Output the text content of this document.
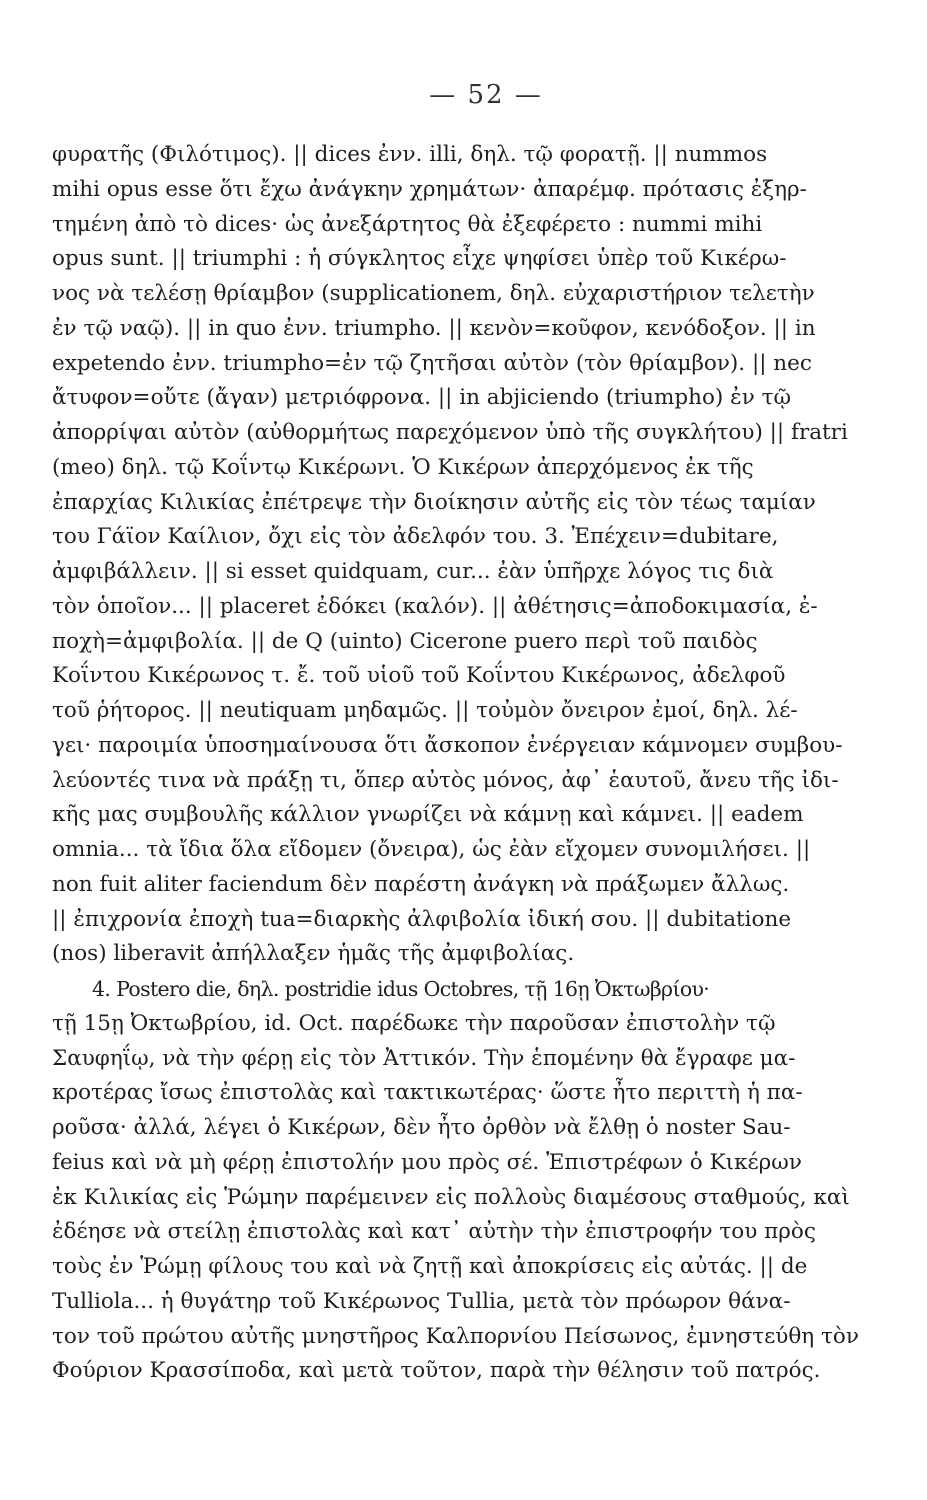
— 52 —
φυρατῆς (Φιλότιμος). || dices ἐνν. illi, δηλ. τῷ φορατῇ. || nummos
mihi opus esse ὅτι ἔχω ἀνάγκην χρημάτων· ἀπαρέμφ. πρότασις ἐξηρ-
τημένη ἀπὸ τὸ dices· ὡς ἀνεξάρτητος θὰ ἐξεφέρετο : nummi mihi
opus sunt. || triumphi : ἡ σύγκλητος εἶχε ψηφίσει ὑπὲρ τοῦ Κικέρω-
νος νὰ τελέσῃ θρίαμβον (supplicationem, δηλ. εὐχαριστήριον τελετὴν
ἐν τῷ ναῷ). || in quo ἐνν. triumpho. || κενὸν=κοῦφον, κενόδοξον. || in
expetendo ἐνν. triumpho=ἐν τῷ ζητῆσαι αὐτὸν (τὸν θρίαμβον). || nec
ἄτυφον=οὔτε (ἄγαν) μετριόφρονα. || in abjiciendo (triumpho) ἐν τῷ
ἀπορρίψαι αὐτὸν (αὐθορμήτως παρεχόμενον ὑπὸ τῆς συγκλήτου) || fratri
(meo) δηλ. τῷ Κοΐντῳ Κικέρωνι. Ὁ Κικέρων ἀπερχόμενος ἐκ τῆς
ἐπαρχίας Κιλικίας ἐπέτρεψε τὴν διοίκησιν αὐτῆς εἰς τὸν τέως ταμίαν
του Γάϊον Καίλιον, ὄχι εἰς τὸν ἀδελφόν του. 3. Ἐπέχειν=dubitare,
ἀμφιβάλλειν. || si esset quidquam, cur... ἐὰν ὑπῆρχε λόγος τις διὰ
τὸν ὁποῖον... || placeret ἐδόκει (καλόν). || ἀθέτησις=ἀποδοκιμασία, ἐ-
ποχὴ=ἀμφιβολία. || de Q (uinto) Cicerone puero περὶ τοῦ παιδὸς
Κοΐντου Κικέρωνος τ. ἔ. τοῦ υἱοῦ τοῦ Κοΐντου Κικέρωνος, ἀδελφοῦ
τοῦ ῥήτορος. || neutiquam μηδαμῶς. || τοὐμὸν ὄνειρον ἐμοί, δηλ. λέ-
γει· παροιμία ὑποσημαίνουσα ὅτι ἄσκοπον ἐνέργειαν κάμνομεν συμβου-
λεύοντές τινα νὰ πράξῃ τι, ὅπερ αὐτὸς μόνος, ἀφ᾽ ἑαυτοῦ, ἄνευ τῆς ἰδι-
κῆς μας συμβουλῆς κάλλιον γνωρίζει νὰ κάμνῃ καὶ κάμνει. || eadem
omnia... τὰ ἴδια ὅλα εἴδομεν (ὄνειρα), ὡς ἐὰν εἴχομεν συνομιλήσει. ||
non fuit aliter faciendum δὲν παρέστη ἀνάγκη νὰ πράξωμεν ἄλλως.
|| ἐπιχρονία ἐποχὴ tua=διαρκὴς ἀλφιβολία ἰδική σου. || dubitatione
(nos) liberavit ἀπήλλαξεν ἡμᾶς τῆς ἀμφιβολίας.
4. Postero die, δηλ. postridie idus Octobres, τῇ 16ῃ Ὀκτωβρίου·
τῇ 15ῃ Ὀκτωβρίου, id. Oct. παρέδωκε τὴν παροῦσαν ἐπιστολὴν τῷ
Σαυφηΐῳ, νὰ τὴν φέρῃ εἰς τὸν Ἀττικόν. Τὴν ἑπομένην θὰ ἔγραφε μα-
κροτέρας ἴσως ἐπιστολὰς καὶ τακτικωτέρας· ὥστε ἦτο περιττὴ ἡ πα-
ροῦσα· ἀλλά, λέγει ὁ Κικέρων, δὲν ἦτο ὀρθὸν νὰ ἔλθῃ ὁ noster Sau-
feius καὶ νὰ μὴ φέρῃ ἐπιστολήν μου πρὸς σέ. Ἐπιστρέφων ὁ Κικέρων
ἐκ Κιλικίας εἰς Ῥώμην παρέμεινεν εἰς πολλοὺς διαμέσους σταθμούς, καὶ
ἐδέησε νὰ στείλῃ ἐπιστολὰς καὶ κατ᾽ αὐτὴν τὴν ἐπιστροφήν του πρὸς
τοὺς ἐν Ῥώμῃ φίλους του καὶ νὰ ζητῇ καὶ ἀποκρίσεις εἰς αὐτάς. || de
Tulliola... ἡ θυγάτηρ τοῦ Κικέρωνος Tullia, μετὰ τὸν πρόωρον θάνα-
τον τοῦ πρώτου αὐτῆς μνηστῆρος Καλπορνίου Πείσωνος, ἐμνηστεύθη τὸν
Φούριον Κρασσίποδα, καὶ μετὰ τοῦτον, παρὰ τὴν θέλησιν τοῦ πατρός.
